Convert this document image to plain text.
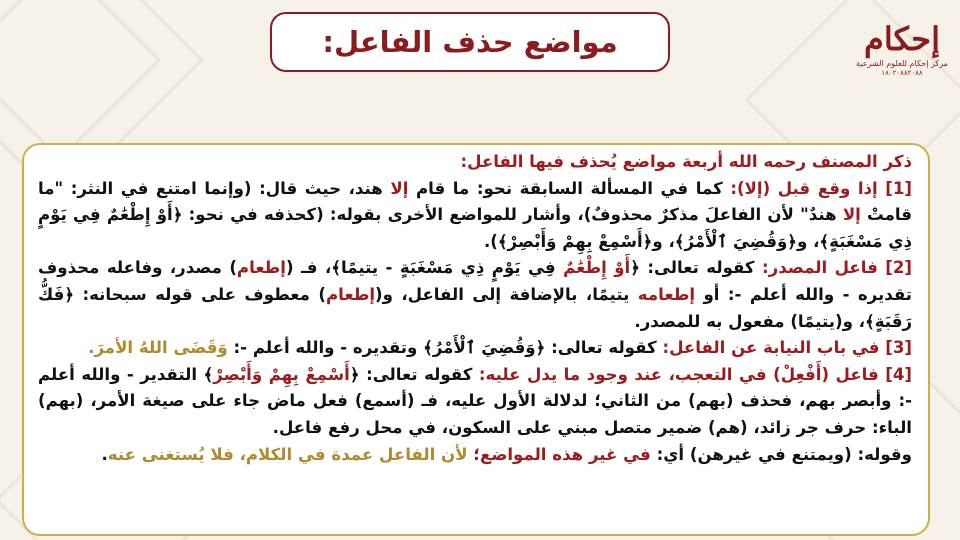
مواضع حذف الفاعل:	إحكام
مركز إحكام للعلوم الشرعية
١٨٠٢٠٨٨٢٠٨٨
ذكر المصنف رحمه الله أربعة مواضع يُحذف فيها الفاعل:
[1] إذا وقع قبل (إلا): كما في المسألة السابقة نحو: ما قام إلا هند، حيث قال: (وإنما امتنع في النثر: "ما قامتْ إلا هندٌ" لأن الفاعلَ مذكرٌ محذوفٌ)، وأشار للمواضع الأخرى بقوله: (كحذفه في نحو: ﴿أَوْ إِطْعَٰمٌ فِي يَوْمٍ ذِي مَسْغَبَةٍ﴾، و﴿وَقُضِيَ ٱلْأَمْرُ﴾، و﴿أَسْمِعْ بِهِمْ وَأَبْصِرْ﴾).
[2] فاعل المصدر: كقوله تعالى: ﴿أَوْ إِطْعَٰمٌ فِي يَوْمٍ ذِي مَسْغَبَةٍ - يتيمًا﴾، فـ (إطعام) مصدر، وفاعله محذوف تقديره - والله أعلم -: أو إطعامه يتيمًا، بالإضافة إلى الفاعل، و(إطعام) معطوف على قوله سبحانه: ﴿فَكُّ رَقَبَةٍ﴾، و(يتيمًا) مفعول به للمصدر.
[3] في باب النيابة عن الفاعل: كقوله تعالى: ﴿وَقُضِيَ ٱلْأَمْرُ﴾ وتقديره - والله أعلم -: وَقَضَى اللهُ الأمرَ.
[4] فاعل (أَفْعِلْ) في التعجب، عند وجود ما يدل عليه: كقوله تعالى: ﴿أَسْمِعْ بِهِمْ وَأَبْصِرْ﴾ التقدير - والله أعلم -: وأبصر بهم، فحذف (بهم) من الثاني؛ لدلالة الأول عليه، فـ (أسمع) فعل ماض جاء على صيغة الأمر، (بهم) الباء: حرف جر زائد، (هم) ضمير متصل مبني على السكون، في محل رفع فاعل.
وقوله: (ويمتنع في غيرهن) أي: في غير هذه المواضع؛ لأن الفاعل عمدة في الكلام، فلا يُستغنى عنه.
